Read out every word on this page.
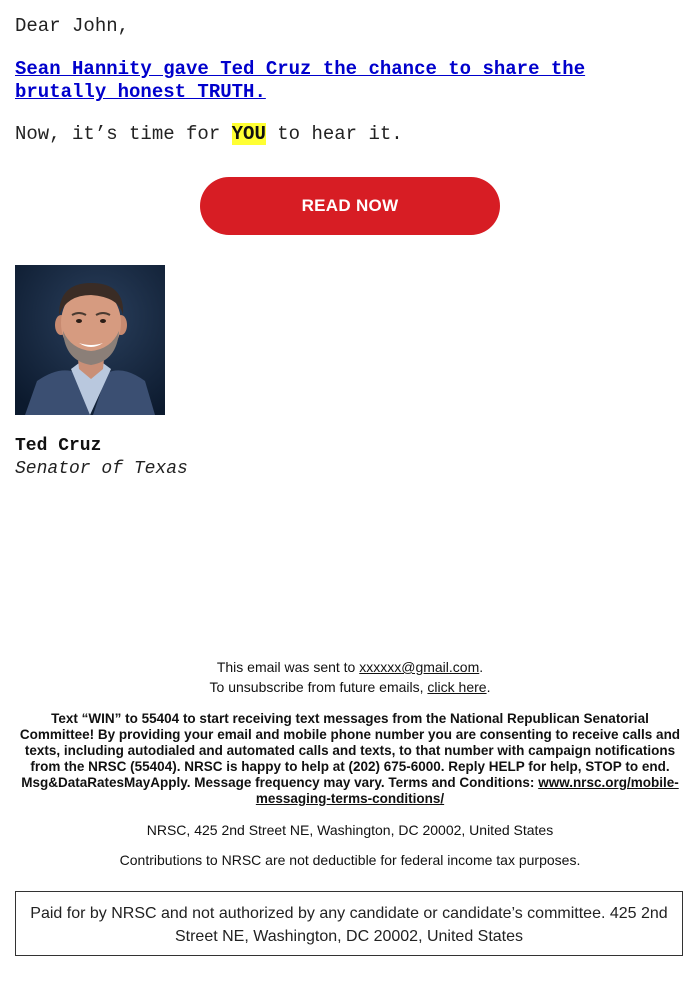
Dear John,
Sean Hannity gave Ted Cruz the chance to share the brutally honest TRUTH.
Now, it’s time for YOU to hear it.
READ NOW
Ted Cruz
Senator of Texas
This email was sent to xxxxxx@gmail.com.
To unsubscribe from future emails, click here.
Text “WIN” to 55404 to start receiving text messages from the National Republican Senatorial Committee! By providing your email and mobile phone number you are consenting to receive calls and texts, including autodialed and automated calls and texts, to that number with campaign notifications from the NRSC (55404). NRSC is happy to help at (202) 675-6000. Reply HELP for help, STOP to end. Msg&DataRatesMayApply. Message frequency may vary. Terms and Conditions: www.nrsc.org/mobile-messaging-terms-conditions/
NRSC, 425 2nd Street NE, Washington, DC 20002, United States
Contributions to NRSC are not deductible for federal income tax purposes.
Paid for by NRSC and not authorized by any candidate or candidate’s committee. 425 2nd Street NE, Washington, DC 20002, United States
